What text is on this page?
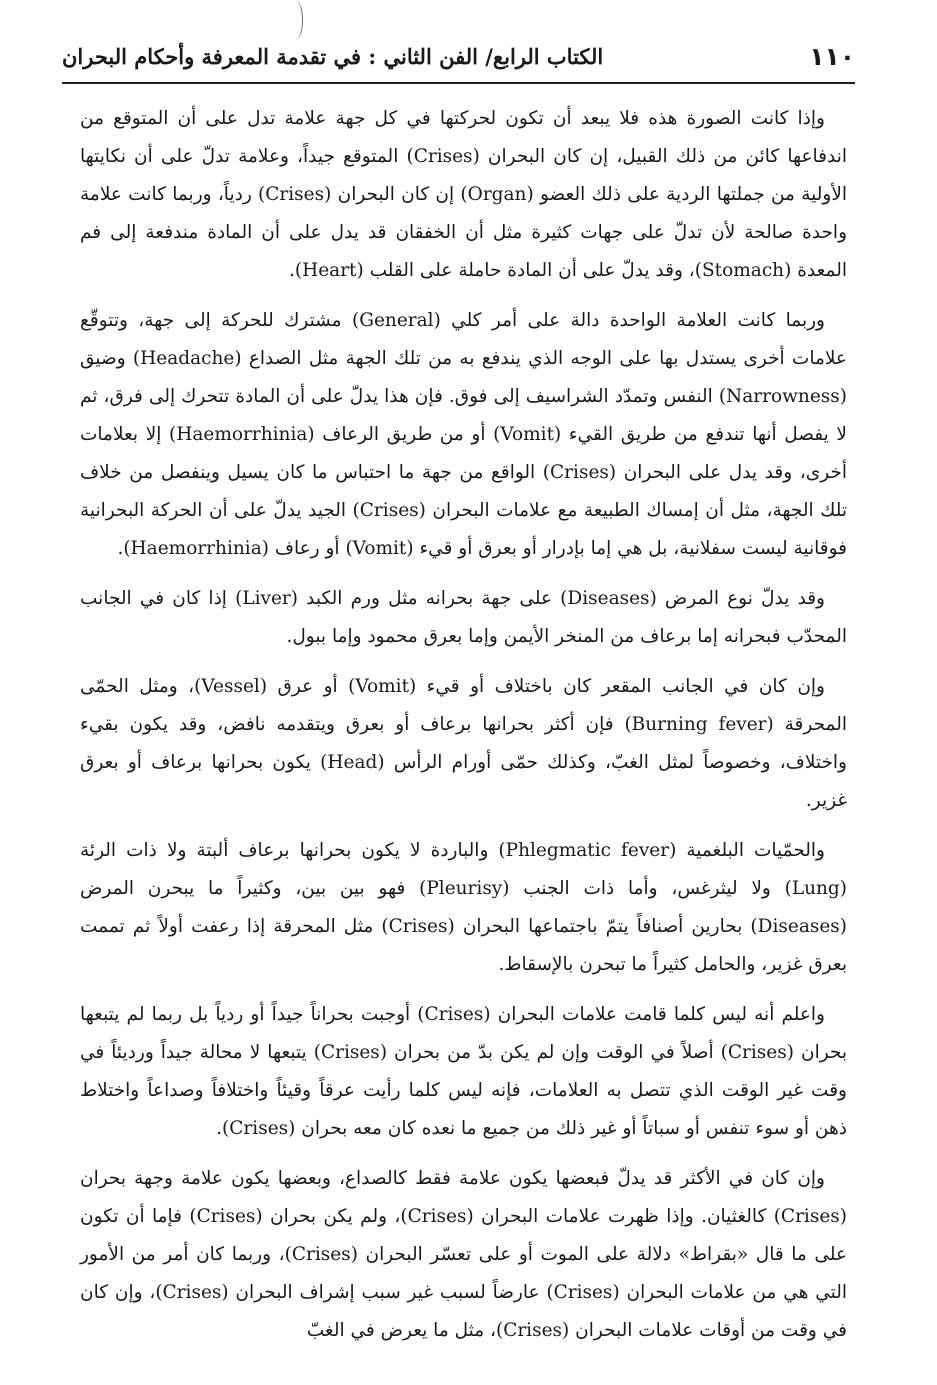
١١٠
الكتاب الرابع/ الفن الثاني : في تقدمة المعرفة وأحكام البحران

وإذا كانت الصورة هذه فلا يبعد أن تكون لحركتها في كل جهة علامة تدل على أن المتوقع من اندفاعها كائن من ذلك القبيل، إن كان البحران (Crises) المتوقع جيداً، وعلامة تدلّ على أن نكايتها الأولية من جملتها الردية على ذلك العضو (Organ) إن كان البحران (Crises) ردياً، وربما كانت علامة واحدة صالحة لأن تدلّ على جهات كثيرة مثل أن الخفقان قد يدل على أن المادة مندفعة إلى فم المعدة (Stomach)، وقد يدلّ على أن المادة حاملة على القلب (Heart).

وربما كانت العلامة الواحدة دالة على أمر كلي (General) مشترك للحركة إلى جهة، وتتوقّع علامات أخرى يستدل بها على الوجه الذي يندفع به من تلك الجهة مثل الصداع (Headache) وضيق (Narrowness) النفس وتمدّد الشراسيف إلى فوق. فإن هذا يدلّ على أن المادة تتحرك إلى فرق، ثم لا يفصل أنها تندفع من طريق القيء (Vomit) أو من طريق الرعاف (Haemorrhinia) إلا بعلامات أخرى، وقد يدل على البحران (Crises) الواقع من جهة ما احتباس ما كان يسيل وينفصل من خلاف تلك الجهة، مثل أن إمساك الطبيعة مع علامات البحران (Crises) الجيد يدلّ على أن الحركة البحرانية فوقانية ليست سفلانية، بل هي إما بإدرار أو بعرق أو قيء (Vomit) أو رعاف (Haemorrhinia).

وقد يدلّ نوع المرض (Diseases) على جهة بحرانه مثل ورم الكبد (Liver) إذا كان في الجانب المحدّب فبحرانه إما برعاف من المنخر الأيمن وإما بعرق محمود وإما ببول.

وإن كان في الجانب المقعر كان باختلاف أو قيء (Vomit) أو عرق (Vessel)، ومثل الحمّى المحرقة (Burning fever) فإن أكثر بحرانها برعاف أو بعرق ويتقدمه نافض، وقد يكون بقيء واختلاف، وخصوصاً لمثل الغبّ، وكذلك حمّى أورام الرأس (Head) يكون بحرانها برعاف أو بعرق غزير.

والحمّيات البلغمية (Phlegmatic fever) والباردة لا يكون بحرانها برعاف ألبتة ولا ذات الرئة (Lung) ولا ليثرغس، وأما ذات الجنب (Pleurisy) فهو بين بين، وكثيراً ما يبحرن المرض (Diseases) بحارين أصنافاً يتمّ باجتماعها البحران (Crises) مثل المحرقة إذا رعفت أولاً ثم تممت بعرق غزير، والحامل كثيراً ما تبحرن بالإسقاط.

واعلم أنه ليس كلما قامت علامات البحران (Crises) أوجبت بحراناً جيداً أو ردياً بل ربما لم يتبعها بحران (Crises) أصلاً في الوقت وإن لم يكن بدّ من بحران (Crises) يتبعها لا محالة جيداً ورديئاً في وقت غير الوقت الذي تتصل به العلامات، فإنه ليس كلما رأيت عرقاً وقيئاً واختلافاً وصداعاً واختلاط ذهن أو سوء تنفس أو سباتاً أو غير ذلك من جميع ما نعده كان معه بحران (Crises).

وإن كان في الأكثر قد يدلّ فبعضها يكون علامة فقط كالصداع، وبعضها يكون علامة وجهة بحران (Crises) كالغثيان. وإذا ظهرت علامات البحران (Crises)، ولم يكن بحران (Crises) فإما أن تكون على ما قال «بقراط» دلالة على الموت أو على تعسّر البحران (Crises)، وربما كان أمر من الأمور التي هي من علامات البحران (Crises) عارضاً لسبب غير سبب إشراف البحران (Crises)، وإن كان في وقت من أوقات علامات البحران (Crises)، مثل ما يعرض في الغبّ
